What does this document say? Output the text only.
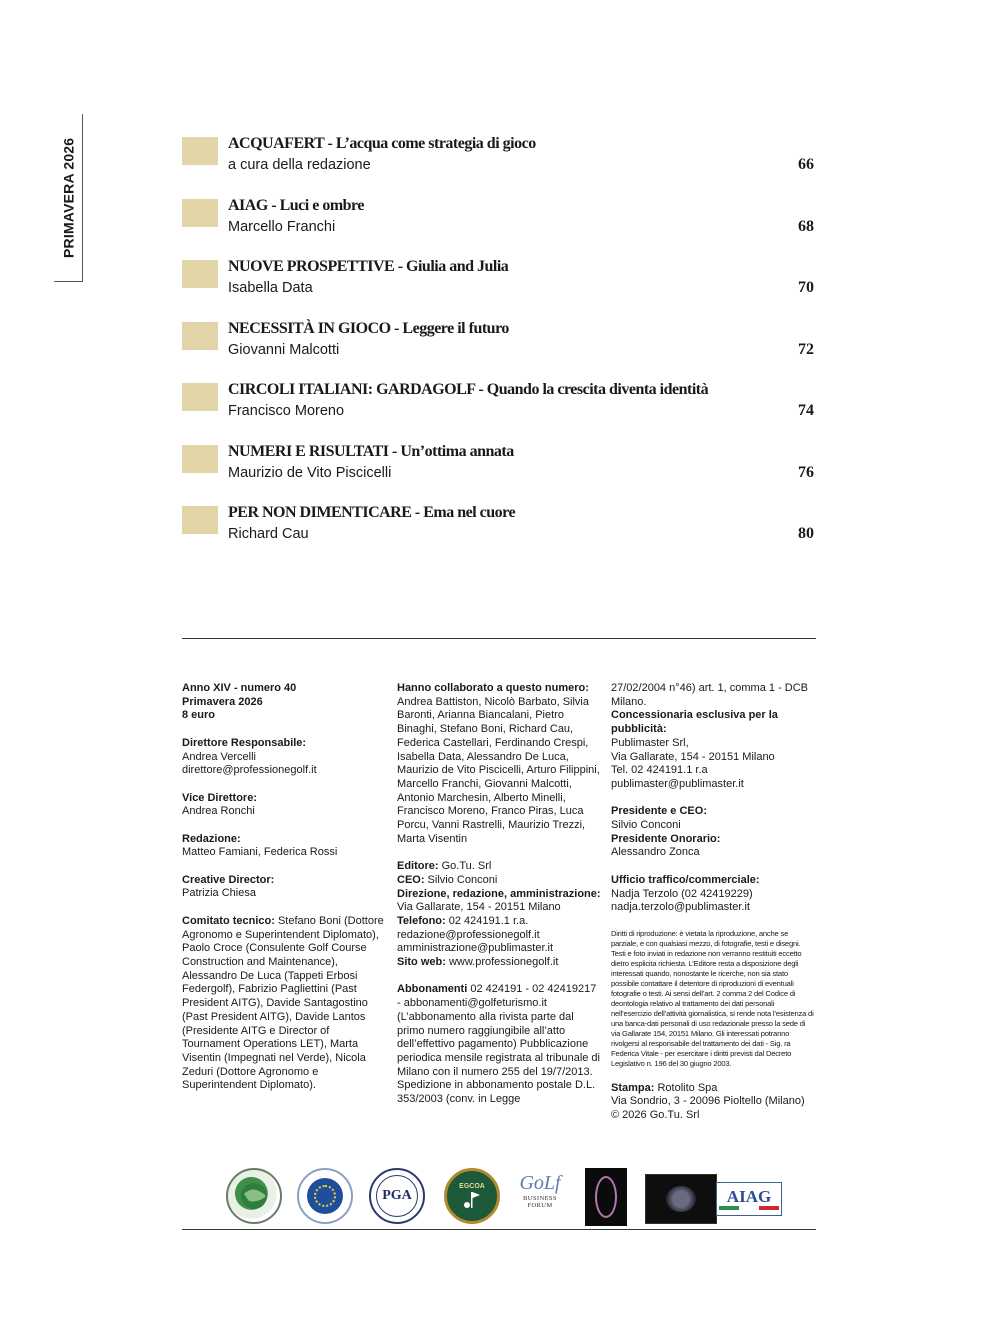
PRIMAVERA 2026	ACQUAFERT - L’acqua come strategia di gioco
a cura della redazione	66
AIAG - Luci e ombre
Marcello Franchi	68
NUOVE PROSPETTIVE - Giulia and Julia
Isabella Data	70
NECESSITÀ IN GIOCO - Leggere il futuro
Giovanni Malcotti	72
CIRCOLI ITALIANI: GARDAGOLF - Quando la crescita diventa identità
Francisco Moreno	74
NUMERI E RISULTATI - Un’ottima annata
Maurizio de Vito Piscicelli	76
PER NON DIMENTICARE - Ema nel cuore
Richard Cau	80

Anno XIV - numero 40
Primavera 2026
8 euro

Direttore Responsabile:
Andrea Vercelli
direttore@professionegolf.it

Vice Direttore:
Andrea Ronchi

Redazione:
Matteo Famiani, Federica Rossi

Creative Director:
Patrizia Chiesa

Comitato tecnico: Stefano Boni (Dottore Agronomo e Superintendent Diplomato), Paolo Croce (Consulente Golf Course Construction and Maintenance), Alessandro De Luca (Tappeti Erbosi Federgolf), Fabrizio Pagliettini (Past President AITG), Davide Santagostino (Past President AITG), Davide Lantos (Presidente AITG e Director of Tournament Operations LET), Marta Visentin (Impegnati nel Verde), Nicola Zeduri (Dottore Agronomo e Superintendent Diplomato).

Hanno collaborato a questo numero:
Andrea Battiston, Nicolò Barbato, Silvia Baronti, Arianna Biancalani, Pietro Binaghi, Stefano Boni, Richard Cau, Federica Castellari, Ferdinando Crespi, Isabella Data, Alessandro De Luca, Maurizio de Vito Piscicelli, Arturo Filippini, Marcello Franchi, Giovanni Malcotti, Antonio Marchesin, Alberto Minelli, Francisco Moreno, Franco Piras, Luca Porcu, Vanni Rastrelli, Maurizio Trezzi, Marta Visentin

Editore: Go.Tu. Srl
CEO: Silvio Conconi
Direzione, redazione, amministrazione:
Via Gallarate, 154 - 20151 Milano
Telefono: 02 424191.1 r.a.
redazione@professionegolf.it
amministrazione@publimaster.it
Sito web: www.professionegolf.it

Abbonamenti 02 424191 - 02 42419217 - abbonamenti@golfeturismo.it (L’abbonamento alla rivista parte dal primo numero raggiungibile all’atto dell’effettivo pagamento) Pubblicazione periodica mensile registrata al tribunale di Milano con il numero 255 del 19/7/2013. Spedizione in abbonamento postale D.L. 353/2003 (conv. in Legge

27/02/2004 n°46) art. 1, comma 1 - DCB Milano.
Concessionaria esclusiva per la pubblicità:
Publimaster Srl,
Via Gallarate, 154 - 20151 Milano
Tel. 02 424191.1 r.a
publimaster@publimaster.it

Presidente e CEO:
Silvio Conconi
Presidente Onorario:
Alessandro Zonca

Ufficio traffico/commerciale:
Nadja Terzolo (02 42419229)
nadja.terzolo@publimaster.it

Diritti di riproduzione: è vietata la riproduzione, anche se parziale, e con qualsiasi mezzo, di fotografie, testi e disegni. Testi e foto inviati in redazione non verranno restituiti eccetto dietro esplicita richiesta. L’Editore resta a disposizione degli interessati quando, nonostante le ricerche, non sia stato possibile contattare il detentore di riproduzioni di eventuali fotografie o testi. Ai sensi dell’art. 2 comma 2 del Codice di deontologia relativo al trattamento dei dati personali nell’esercizio dell’attività giornalistica, si rende nota l’esistenza di una banca-dati personali di uso redazionale presso la sede di via Gallarate 154, 20151 Milano. Gli interessati potranno rivolgersi al responsabile del trattamento dei dati - Sig. ra Federica Vitale - per esercitare i diritti previsti dal Decreto Legislativo n. 196 del 30 giugno 2003.

Stampa: Rotolito Spa
Via Sondrio, 3 - 20096 Pioltello (Milano)
© 2026 Go.Tu. Srl

PGA
EGCOA GoLf
BUSINESS FORUM	AIAG
